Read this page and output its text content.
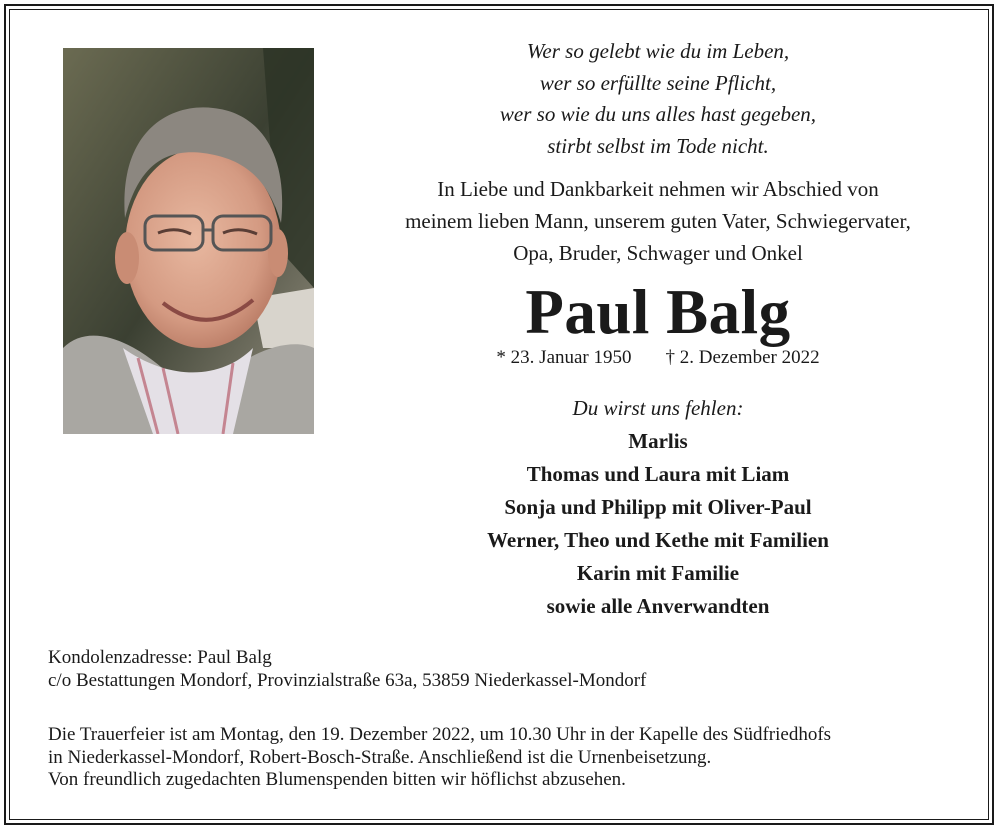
Wer so gelebt wie du im Leben,
wer so erfüllte seine Pflicht,
wer so wie du uns alles hast gegeben,
stirbt selbst im Tode nicht.
In Liebe und Dankbarkeit nehmen wir Abschied von
meinem lieben Mann, unserem guten Vater, Schwiegervater,
Opa, Bruder, Schwager und Onkel
Paul Balg
* 23. Januar 1950 † 2. Dezember 2022
Du wirst uns fehlen:
Marlis
Thomas und Laura mit Liam
Sonja und Philipp mit Oliver-Paul
Werner, Theo und Kethe mit Familien
Karin mit Familie
sowie alle Anverwandten
Kondolenzadresse: Paul Balg
c/o Bestattungen Mondorf, Provinzialstraße 63a, 53859 Niederkassel-Mondorf
Die Trauerfeier ist am Montag, den 19. Dezember 2022, um 10.30 Uhr in der Kapelle des Südfriedhofs
in Niederkassel-Mondorf, Robert-Bosch-Straße. Anschließend ist die Urnenbeisetzung.
Von freundlich zugedachten Blumenspenden bitten wir höflichst abzusehen.
